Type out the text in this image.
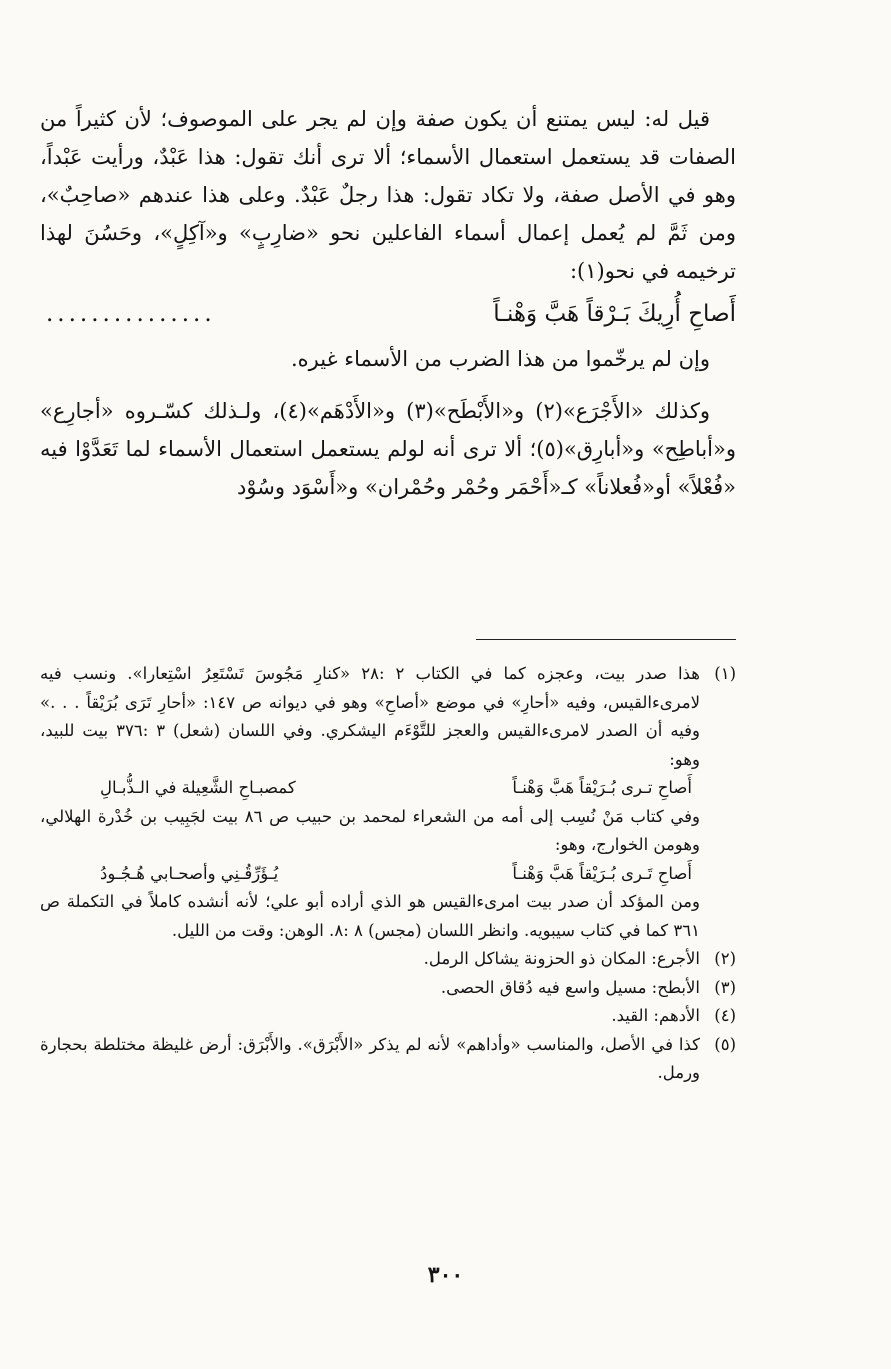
قيل له: ليس يمتنع أن يكون صفة وإن لم يجر على الموصوف؛ لأن كثيراً من الصفات قد يستعمل استعمال الأسماء؛ ألا ترى أنك تقول: هذا عَبْدٌ، ورأيت عَبْداً، وهو في الأصل صفة، ولا تكاد تقول: هذا رجلٌ عَبْدٌ. وعلى هذا عندهم «صاحِبٌ»، ومن ثَمَّ لم يُعمل إعمال أسماء الفاعلين نحو «ضارِبٍ» و«آكِلٍ»، وحَسُنَ لهذا ترخيمه في نحو(١):

أَصاحِ أُرِيكَ بَـرْقاً هَبَّ وَهْنـاً
...............

وإن لم يرخّموا من هذا الضرب من الأسماء غيره.

وكذلك «الأَجْرَع»(٢) و«الأَبْطَح»(٣) و«الأَدْهَم»(٤)، ولـذلك كسّـروه «أجارِع» و«أباطِح» و«أبارِق»(٥)؛ ألا ترى أنه لولم يستعمل استعمال الأسماء لما تَعَدَّوْا فيه «فُعْلاً» أو«فُعلاناً» كـ«أَحْمَر وحُمْر وحُمْران» و«أَسْوَد وسُوْد

(١)

هذا صدر بيت، وعجزه كما في الكتاب ٢ :٢٨ «كنارِ مَجُوسَ تَسْتَعِرُ اسْتِعارا». ونسب فيه لامرىءالقيس، وفيه «أحارِ» في موضع «أصاحِ» وهو في ديوانه ص ١٤٧: «أحارِ تَرَى بُرَيْقاً . . .» وفيه أن الصدر لامرىءالقيس والعجز للتَّوْءَم اليشكري. وفي اللسان (شعل) ٣ :٣٧٦ بيت للبيد، وهو:

أَصاحِ تـرى بُـرَيْقاً هَبَّ وَهْنـاً
كمصبـاحِ الشَّعِيلة في الـذُّبـالِ

وفي كتاب مَنْ نُسِب إلى أمه من الشعراء لمحمد بن حبيب ص ٨٦ بيت لجَبِيب بن خُدْرة الهلالي، وهومن الخوارج، وهو:

أَصاحِ تَـرى بُـرَيْقاً هَبَّ وَهْنـاً
يُـؤَرِّقُـنِي وأصحـابي هُـجُـودُ

ومن المؤكد أن صدر بيت امرىءالقيس هو الذي أراده أبو علي؛ لأنه أنشده كاملاً في التكملة ص ٣٦١ كما في كتاب سيبويه. وانظر اللسان (مجس) ٨ :٨. الوهن: وقت من الليل.

(٢)

الأجرع: المكان ذو الحزونة يشاكل الرمل.

(٣)

الأبطح: مسيل واسع فيه دُقاق الحصى.

(٤)

الأدهم: القيد.

(٥)

كذا في الأصل، والمناسب «وأداهم» لأنه لم يذكر «الأَبْرَق». والأَبْرَق: أرض غليظة مختلطة بحجارة ورمل.

٣٠٠
